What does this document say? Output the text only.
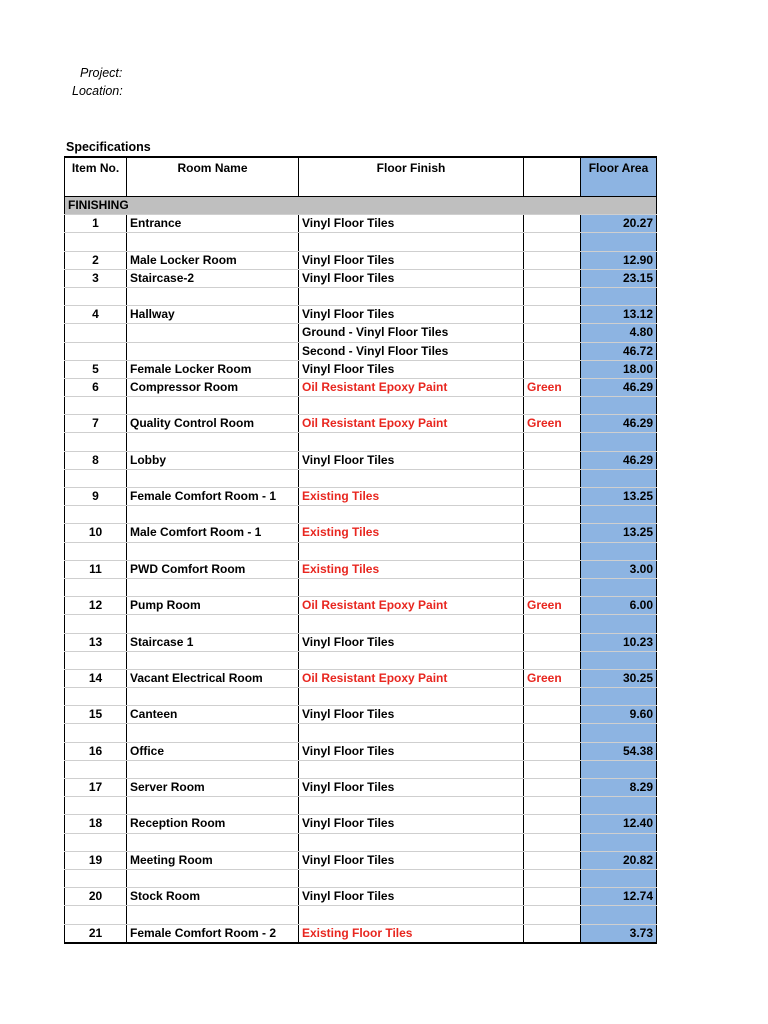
Project:
Location:
Specifications
Item No.	Room Name	Floor Finish		Floor Area
FINISHING				
1	Entrance	Vinyl Floor Tiles		20.27

2	Male Locker Room	Vinyl Floor Tiles		12.90
3	Staircase-2	Vinyl Floor Tiles		23.15

4	Hallway	Vinyl Floor Tiles		13.12
		Ground - Vinyl Floor Tiles		4.80
		Second - Vinyl Floor Tiles		46.72
5	Female Locker Room	Vinyl Floor Tiles		18.00
6	Compressor Room	Oil Resistant Epoxy Paint	Green	46.29

7	Quality Control Room	Oil Resistant Epoxy Paint	Green	46.29

8	Lobby	Vinyl Floor Tiles		46.29

9	Female Comfort Room - 1	Existing Tiles		13.25

10	Male Comfort Room - 1	Existing Tiles		13.25

11	PWD Comfort Room	Existing Tiles		3.00

12	Pump Room	Oil Resistant Epoxy Paint	Green	6.00

13	Staircase 1	Vinyl Floor Tiles		10.23

14	Vacant Electrical Room	Oil Resistant Epoxy Paint	Green	30.25

15	Canteen	Vinyl Floor Tiles		9.60

16	Office	Vinyl Floor Tiles		54.38

17	Server Room	Vinyl Floor Tiles		8.29

18	Reception Room	Vinyl Floor Tiles		12.40

19	Meeting Room	Vinyl Floor Tiles		20.82

20	Stock Room	Vinyl Floor Tiles		12.74

21	Female Comfort Room - 2	Existing Floor Tiles		3.73
